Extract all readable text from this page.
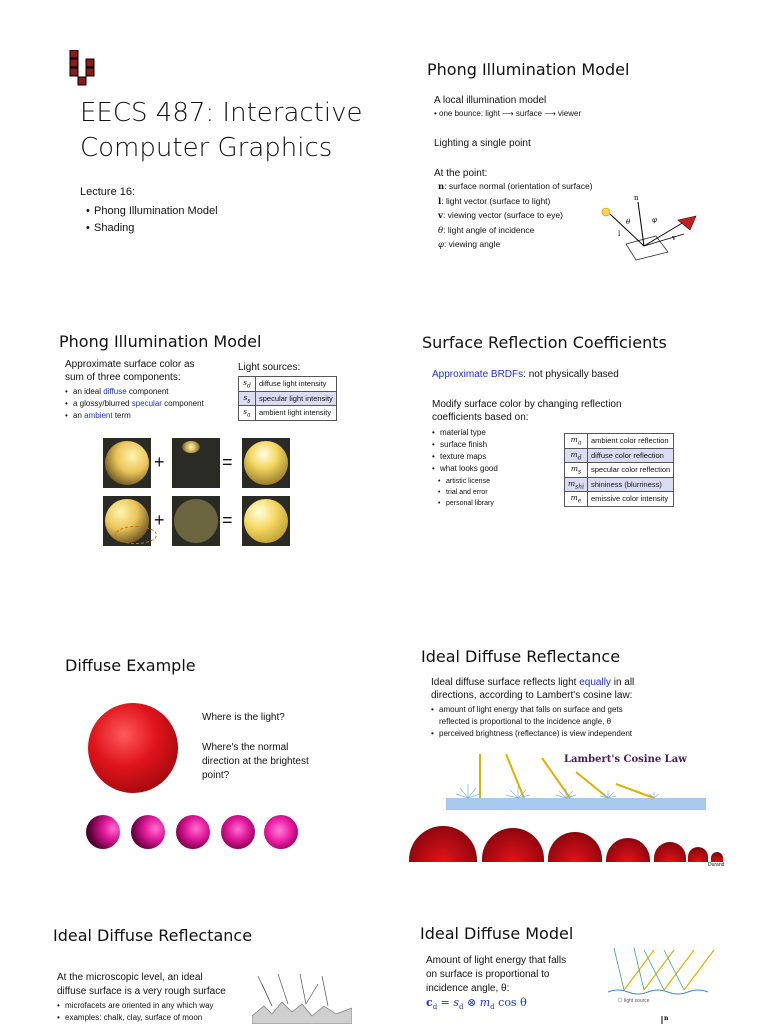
EECS 487: Interactive
Computer Graphics
Lecture 16:
• Phong Illumination Model
• Shading
Phong Illumination Model
A local illumination model
• one bounce: light ⟶ surface ⟶ viewer
Lighting a single point
At the point:
n: surface normal (orientation of surface)
l: light vector (surface to light)
v: viewing vector (surface to eye)
θ: light angle of incidence
φ: viewing angle
n
l	v
θ	φ
Phong Illumination Model
Approximate surface color as
sum of three components:
• an ideal diffuse component
• a glossy/blurred specular component
• an ambient term
Light sources:
$s_d$	diffuse light intensity
$s_s$	specular light intensity
$s_a$	ambient light intensity
+	=
+	=
Surface Reflection Coefficients
Approximate BRDFs: not physically based
Modify surface color by changing reflection
coefficients based on:
• material type
• surface finish
• texture maps
• what looks good
• artistic license
• trial and error
• personal library
$m_a$	ambient color reflection
$m_d$	diffuse color reflection
$m_s$	specular color reflection
$m_{shi}$	shininess (blurriness)
$m_e$	emissive color intensity
Diffuse Example
Where is the light?
Where's the normal
direction at the brightest
point?
Ideal Diffuse Reflectance
Ideal diffuse surface reflects light equally in all
directions, according to Lambert's cosine law:
• amount of light energy that falls on surface and gets
reflected is proportional to the incidence angle, θ
• perceived brightness (reflectance) is view independent
Lambert's Cosine Law
Durand
Ideal Diffuse Reflectance
At the microscopic level, an ideal
diffuse surface is a very rough surface
• microfacets are oriented in any which way
• examples: chalk, clay, surface of moon
Ideal Diffuse Model
Amount of light energy that falls
on surface is proportional to
incidence angle, θ:
$c_d = s_d$ ⊗ $m_d$ cos θ	light source
n
